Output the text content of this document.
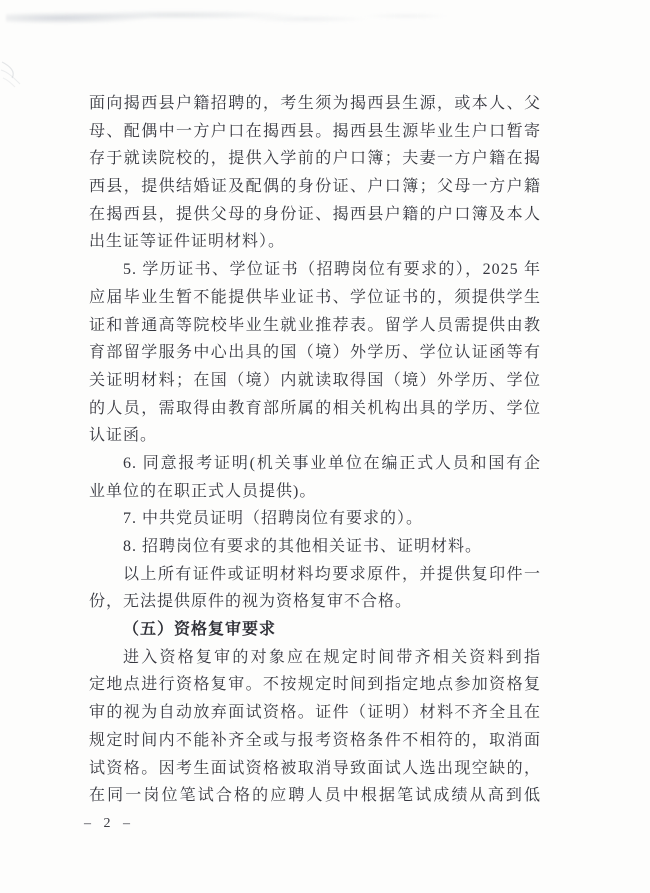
面向揭西县户籍招聘的，考生须为揭西县生源，或本人、父
母、配偶中一方户口在揭西县。揭西县生源毕业生户口暂寄
存于就读院校的，提供入学前的户口簿；夫妻一方户籍在揭
西县，提供结婚证及配偶的身份证、户口簿；父母一方户籍
在揭西县，提供父母的身份证、揭西县户籍的户口簿及本人
出生证等证件证明材料）。
5. 学历证书、学位证书（招聘岗位有要求的），2025 年
应届毕业生暂不能提供毕业证书、学位证书的，须提供学生
证和普通高等院校毕业生就业推荐表。留学人员需提供由教
育部留学服务中心出具的国（境）外学历、学位认证函等有
关证明材料；在国（境）内就读取得国（境）外学历、学位
的人员，需取得由教育部所属的相关机构出具的学历、学位
认证函。
6. 同意报考证明(机关事业单位在编正式人员和国有企
业单位的在职正式人员提供)。
7. 中共党员证明（招聘岗位有要求的）。
8. 招聘岗位有要求的其他相关证书、证明材料。
以上所有证件或证明材料均要求原件，并提供复印件一
份，无法提供原件的视为资格复审不合格。
（五）资格复审要求
进入资格复审的对象应在规定时间带齐相关资料到指
定地点进行资格复审。不按规定时间到指定地点参加资格复
审的视为自动放弃面试资格。证件（证明）材料不齐全且在
规定时间内不能补齐全或与报考资格条件不相符的，取消面
试资格。因考生面试资格被取消导致面试人选出现空缺的，
在同一岗位笔试合格的应聘人员中根据笔试成绩从高到低
– 2 –
